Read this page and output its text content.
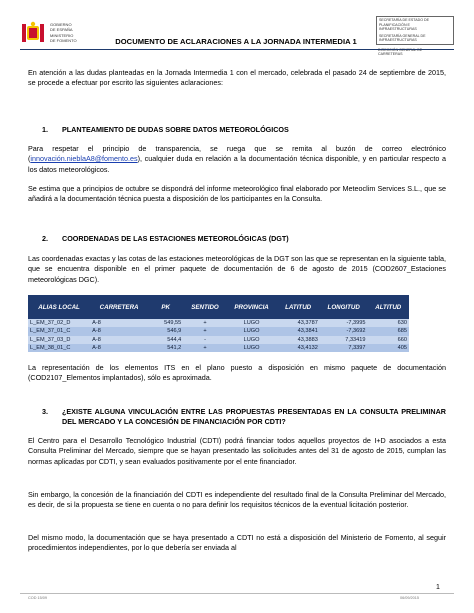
GOBIERNO
DE ESPAÑA
MINISTERIO
DE FOMENTO
SECRETARÍA DE ESTADO DE
PLANIFICACIÓN E
INFRAESTRUCTURAS
SECRETARÍA GENERAL DE
INFRAESTRUCTURAS
DIRECCIÓN GENERAL DE
CARRETERAS
DOCUMENTO DE ACLARACIONES A LA JORNADA INTERMEDIA 1
En atención a las dudas planteadas en la Jornada Intermedia 1 con el mercado, celebrada el pasado 24 de septiembre de 2015, se procede a efectuar por escrito las siguientes aclaraciones:
1. PLANTEAMIENTO DE DUDAS SOBRE DATOS METEOROLÓGICOS
Para respetar el principio de transparencia, se ruega que se remita al buzón de correo electrónico (innovación.nieblaA8@fomento.es), cualquier duda en relación a la documentación técnica disponible, y en particular respecto a los datos meteorológicos.
Se estima que a principios de octubre se dispondrá del informe meteorológico final elaborado por Meteoclim Services S.L., que se añadirá a la documentación técnica puesta a disposición de los participantes en la Consulta.
2. COORDENADAS DE LAS ESTACIONES METEOROLÓGICAS (DGT)
Las coordenadas exactas y las cotas de las estaciones meteorológicas de la DGT son las que se representan en la siguiente tabla, que se encuentra disponible en el primer paquete de documentación de 6 de agosto de 2015 (COD2607_Estaciones meteorológicas DGC).
ALIAS LOCAL	CARRETERA	PK	SENTIDO	PROVINCIA	LATITUD	LONGITUD	ALTITUD
L_EM_37_02_D	A-8	549,55	+	LUGO	43,3787	-7,3995	630
L_EM_37_01_C	A-8	546,9	+	LUGO	43,3841	-7,3692	685
L_EM_37_03_D	A-8	544,4	-	LUGO	43,3883	7,33419	660
L_EM_38_01_C	A-8	541,2	+	LUGO	43,4132	7,3397	405
La representación de los elementos ITS en el plano puesto a disposición en mismo paquete de documentación (COD2107_Elementos implantados), sólo es aproximada.
3.	¿EXISTE ALGUNA VINCULACIÓN ENTRE LAS PROPUESTAS PRESENTADAS EN LA CONSULTA PRELIMINAR DEL MERCADO Y LA CONCESIÓN DE FINANCIACIÓN POR CDTI?
El Centro para el Desarrollo Tecnológico Industrial (CDTI) podrá financiar todos aquellos proyectos de I+D asociados a esta Consulta Preliminar del Mercado, siempre que se hayan presentado las solicitudes antes del 31 de agosto de 2015, cumplan las normas aplicadas por CDTI, y sean evaluados positivamente por el ente financiador.
Sin embargo, la concesión de la financiación del CDTI es independiente del resultado final de la Consulta Preliminar del Mercado, es decir, de si la propuesta se tiene en cuenta o no para definir los requisitos técnicos de la eventual licitación posterior.
Del mismo modo, la documentación que se haya presentado a CDTI no está a disposición del Ministerio de Fomento, al seguir procedimientos independientes, por lo que debería ser enviada al
1
COD 15/09	06/09/2015
